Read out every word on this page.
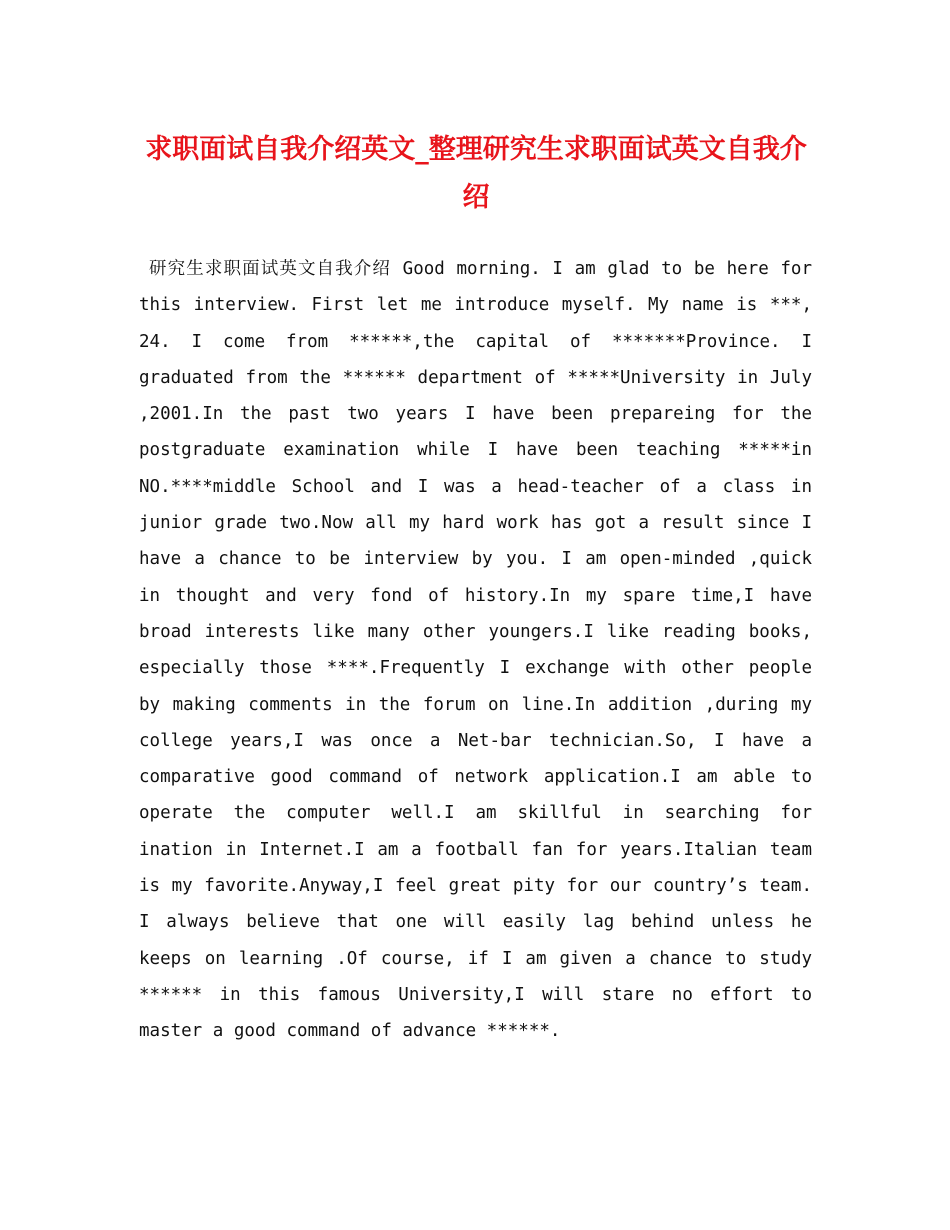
求职面试自我介绍英文_整理研究生求职面试英文自我介绍

研究生求职面试英文自我介绍 Good morning. I am glad to be here for this interview. First let me introduce myself. My name is ***, 24. I come from ******,the capital of *******Province. I graduated from the ****** department of *****University in July ,2001.In the past two years I have been prepareing for the postgraduate examination while I have been teaching *****in NO.****middle School and I was a head-teacher of a class in junior grade two.Now all my hard work has got a result since I have a chance to be interview by you. I am open-minded ,quick in thought and very fond of history.In my spare time,I have broad interests like many other youngers.I like reading books, especially those ****.Frequently I exchange with other people by making comments in the forum on line.In addition ,during my college years,I was once a Net-bar technician.So, I have a comparative good command of network application.I am able to operate the computer well.I am skillful in searching for ination in Internet.I am a football fan for years.Italian team is my favorite.Anyway,I feel great pity for our country’s team. I always believe that one will easily lag behind unless he keeps on learning .Of course, if I am given a chance to study ****** in this famous University,I will stare no effort to master a good command of advance ******.
